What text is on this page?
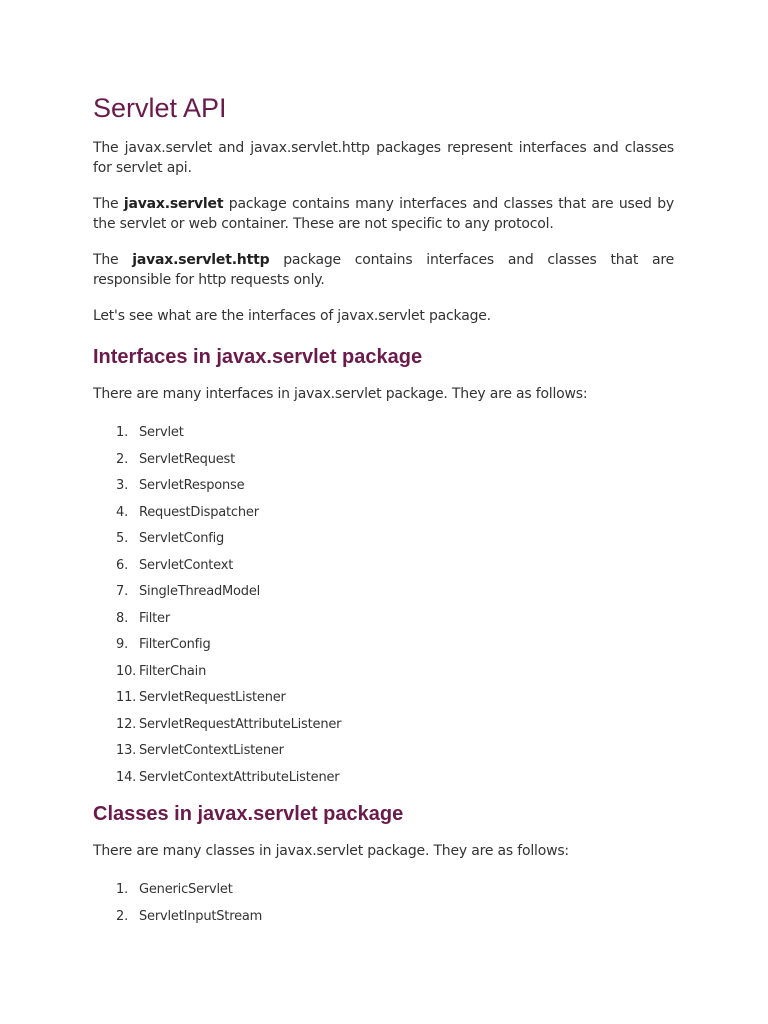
Servlet API

The javax.servlet and javax.servlet.http packages represent interfaces and classes for servlet api.

The javax.servlet package contains many interfaces and classes that are used by the servlet or web container. These are not specific to any protocol.

The javax.servlet.http package contains interfaces and classes that are responsible for http requests only.

Let's see what are the interfaces of javax.servlet package.

Interfaces in javax.servlet package

There are many interfaces in javax.servlet package. They are as follows:

1. Servlet
2. ServletRequest
3. ServletResponse
4. RequestDispatcher
5. ServletConfig
6. ServletContext
7. SingleThreadModel
8. Filter
9. FilterConfig
10. FilterChain
11. ServletRequestListener
12. ServletRequestAttributeListener
13. ServletContextListener
14. ServletContextAttributeListener
Classes in javax.servlet package

There are many classes in javax.servlet package. They are as follows:

1. GenericServlet
2. ServletInputStream
